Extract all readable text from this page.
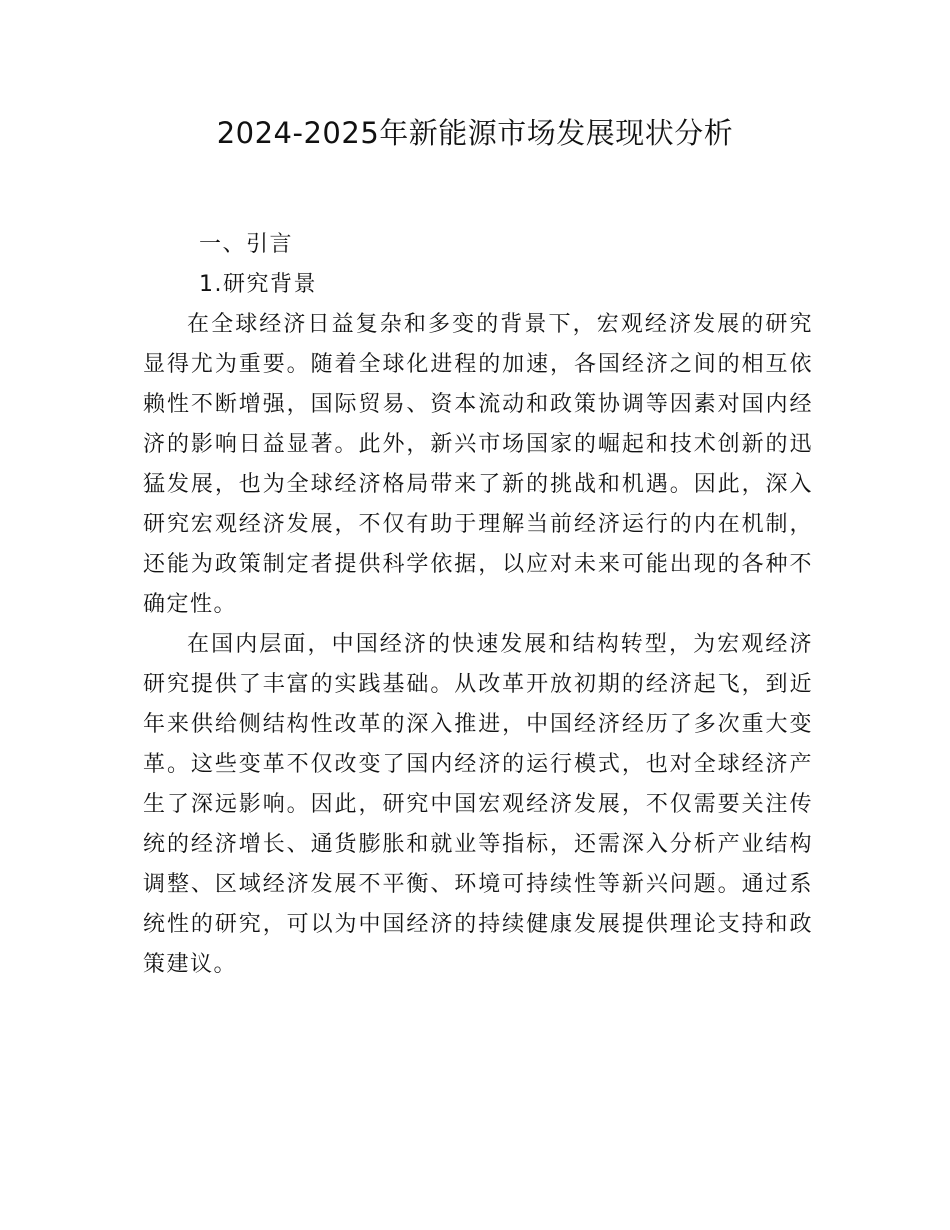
2024-2025年新能源市场发展现状分析
一、引言
1.研究背景

在全球经济日益复杂和多变的背景下，宏观经济发展的研究显得尤为重要。随着全球化进程的加速，各国经济之间的相互依赖性不断增强，国际贸易、资本流动和政策协调等因素对国内经济的影响日益显著。此外，新兴市场国家的崛起和技术创新的迅猛发展，也为全球经济格局带来了新的挑战和机遇。因此，深入研究宏观经济发展，不仅有助于理解当前经济运行的内在机制，还能为政策制定者提供科学依据，以应对未来可能出现的各种不确定性。

在国内层面，中国经济的快速发展和结构转型，为宏观经济研究提供了丰富的实践基础。从改革开放初期的经济起飞，到近年来供给侧结构性改革的深入推进，中国经济经历了多次重大变革。这些变革不仅改变了国内经济的运行模式，也对全球经济产生了深远影响。因此，研究中国宏观经济发展，不仅需要关注传统的经济增长、通货膨胀和就业等指标，还需深入分析产业结构调整、区域经济发展不平衡、环境可持续性等新兴问题。通过系统性的研究，可以为中国经济的持续健康发展提供理论支持和政策建议。
